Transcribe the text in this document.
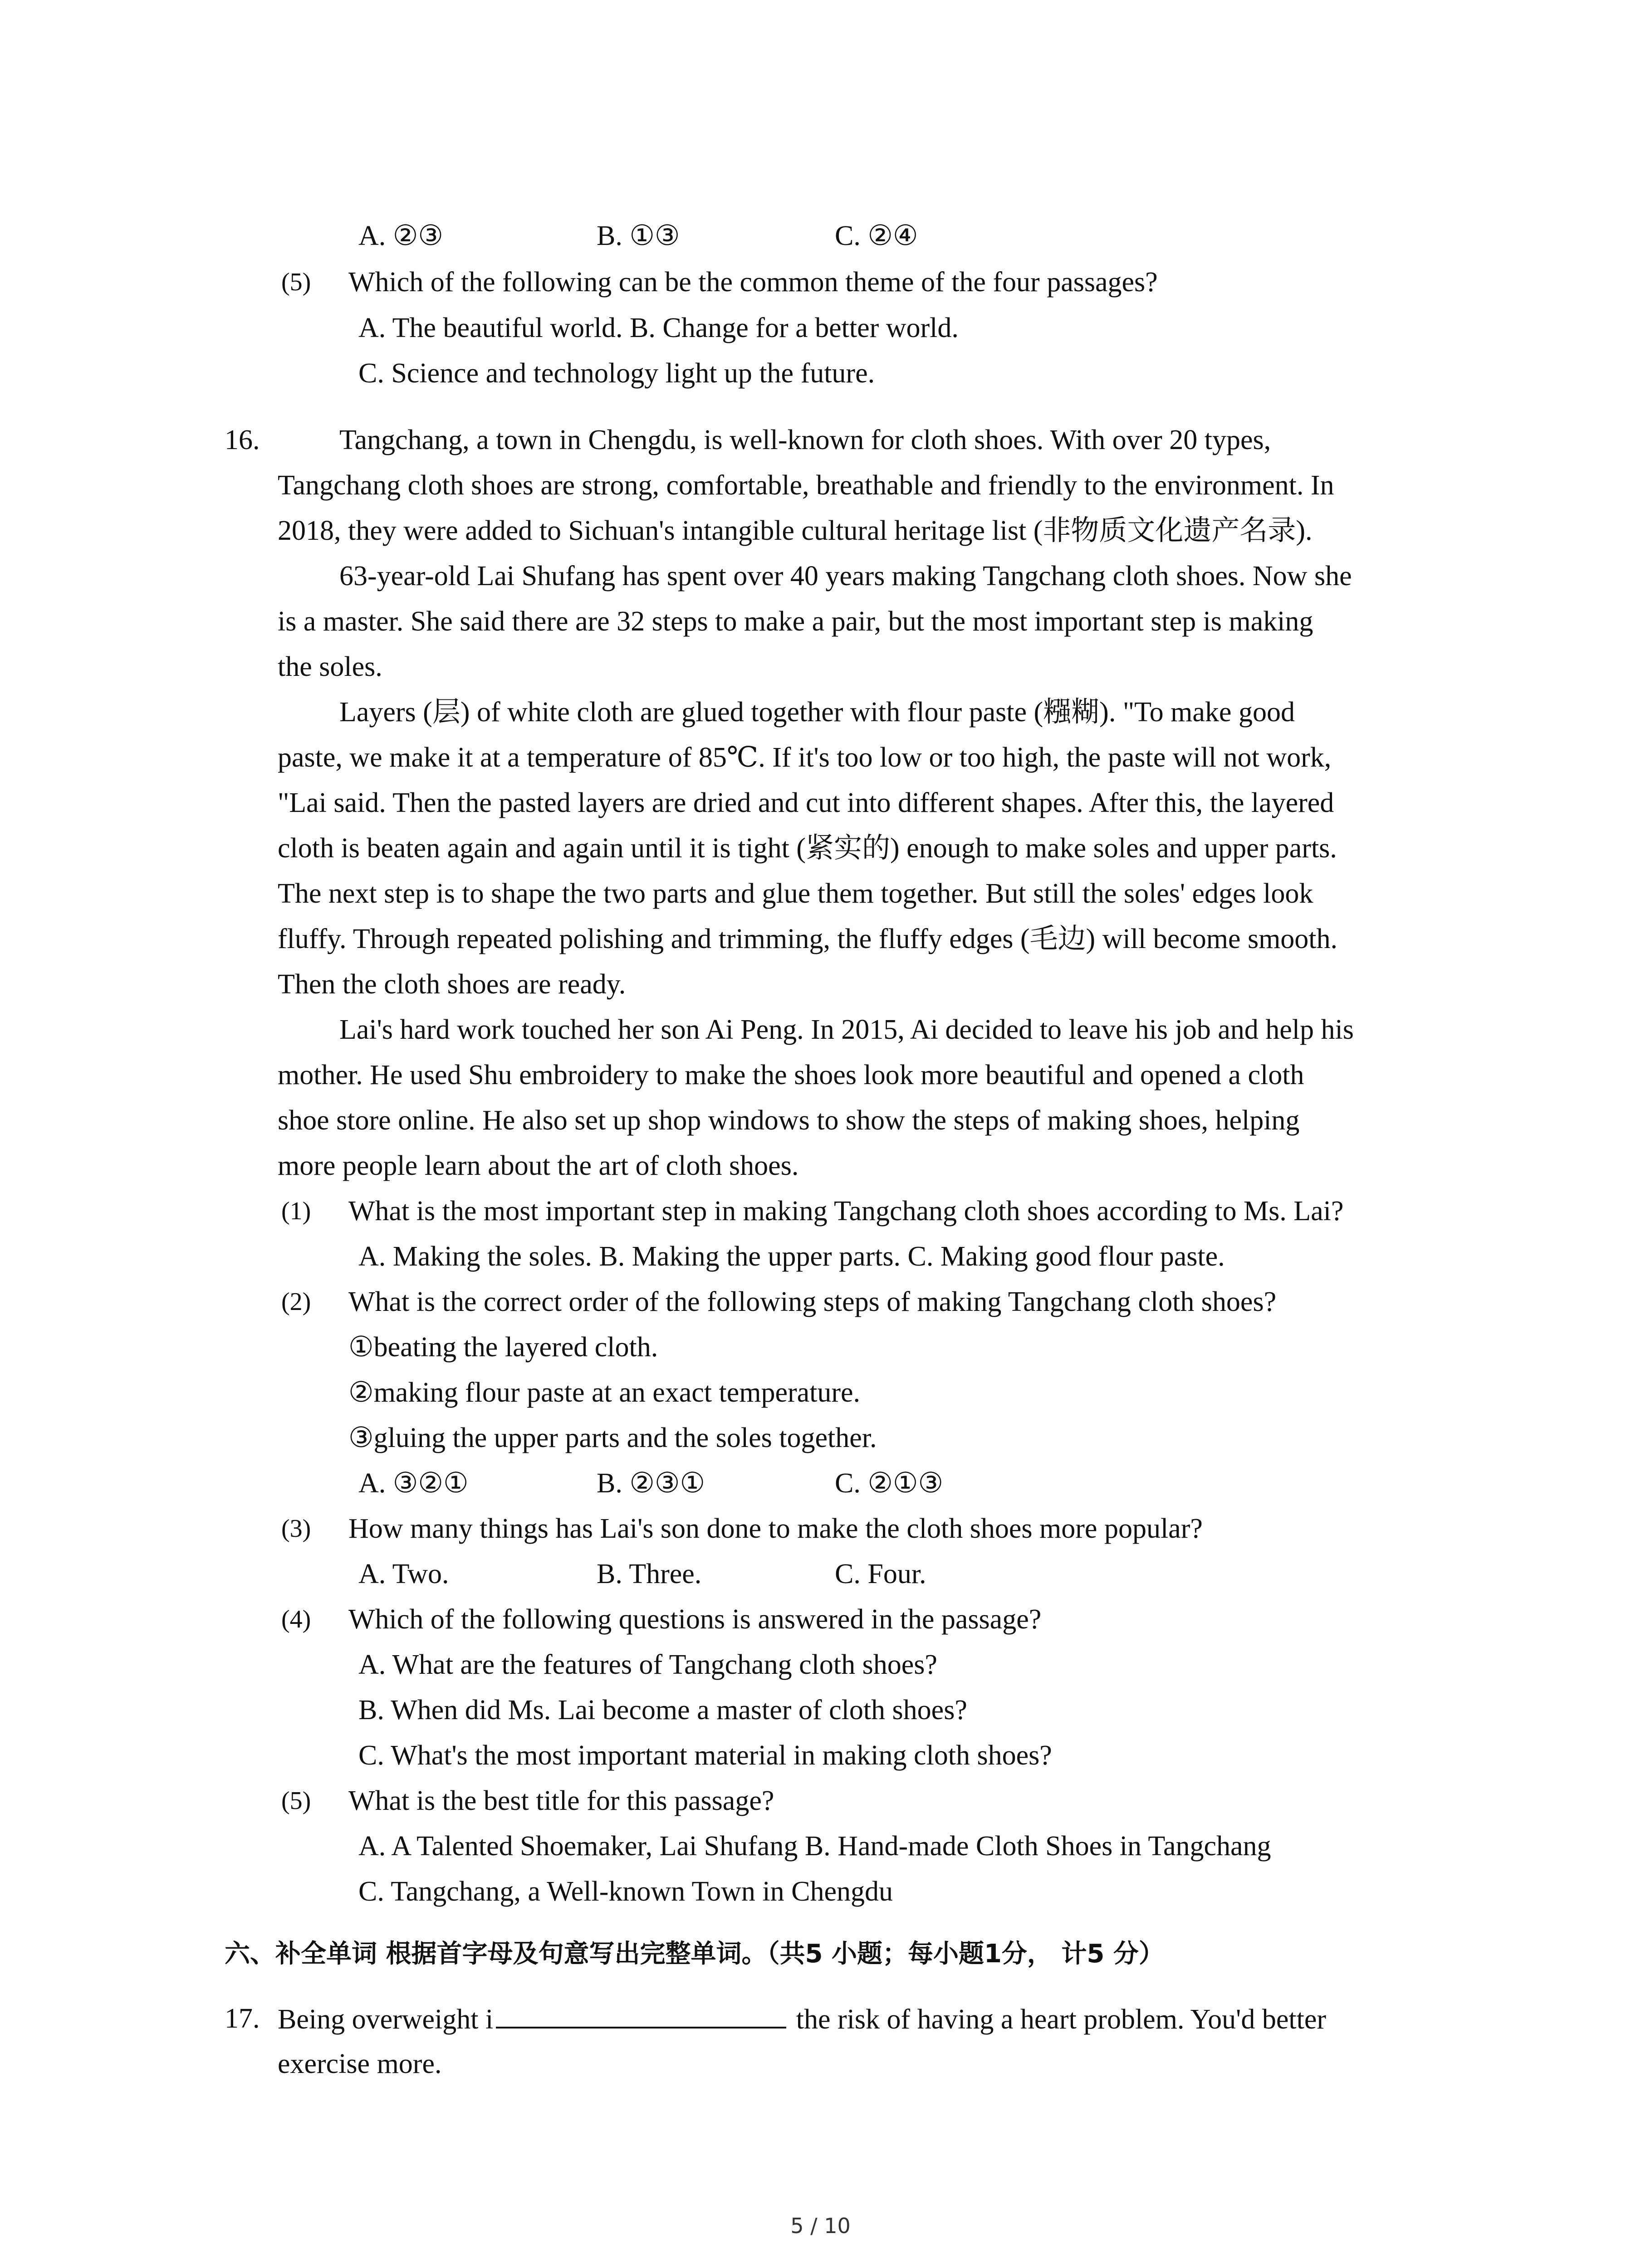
A. ②③	B. ①③	C. ②④
(5) Which of the following can be the common theme of the four passages?
A. The beautiful world. B. Change for a better world.
C. Science and technology light up the future.
16.	Tangchang, a town in Chengdu, is well-known for cloth shoes. With over 20 types,
Tangchang cloth shoes are strong, comfortable, breathable and friendly to the environment. In
2018, they were added to Sichuan's intangible cultural heritage list (非物质文化遗产名录).
63-year-old Lai Shufang has spent over 40 years making Tangchang cloth shoes. Now she
is a master. She said there are 32 steps to make a pair, but the most important step is making
the soles.
Layers (层) of white cloth are glued together with flour paste (糨糊). "To make good
paste, we make it at a temperature of 85℃. If it's too low or too high, the paste will not work,
"Lai said. Then the pasted layers are dried and cut into different shapes. After this, the layered
cloth is beaten again and again until it is tight (紧实的) enough to make soles and upper parts.
The next step is to shape the two parts and glue them together. But still the soles' edges look
fluffy. Through repeated polishing and trimming, the fluffy edges (毛边) will become smooth.
Then the cloth shoes are ready.
Lai's hard work touched her son Ai Peng. In 2015, Ai decided to leave his job and help his
mother. He used Shu embroidery to make the shoes look more beautiful and opened a cloth
shoe store online. He also set up shop windows to show the steps of making shoes, helping
more people learn about the art of cloth shoes.
(1) What is the most important step in making Tangchang cloth shoes according to Ms. Lai?
A. Making the soles. B. Making the upper parts. C. Making good flour paste.
(2) What is the correct order of the following steps of making Tangchang cloth shoes?
①beating the layered cloth.
②making flour paste at an exact temperature.
③gluing the upper parts and the soles together.
A. ③②①	B. ②③①	C. ②①③
(3) How many things has Lai's son done to make the cloth shoes more popular?
A. Two.	B. Three.	C. Four.
(4) Which of the following questions is answered in the passage?
A. What are the features of Tangchang cloth shoes?
B. When did Ms. Lai become a master of cloth shoes?
C. What's the most important material in making cloth shoes?
(5) What is the best title for this passage?
A. A Talented Shoemaker, Lai Shufang B. Hand-made Cloth Shoes in Tangchang
C. Tangchang, a Well-known Town in Chengdu
六、补全单词 根据首字母及句意写出完整单词。（共5 小题；每小题1分， 计5 分）
17. Being overweight i	the risk of having a heart problem. You'd better
exercise more.
5 / 10
